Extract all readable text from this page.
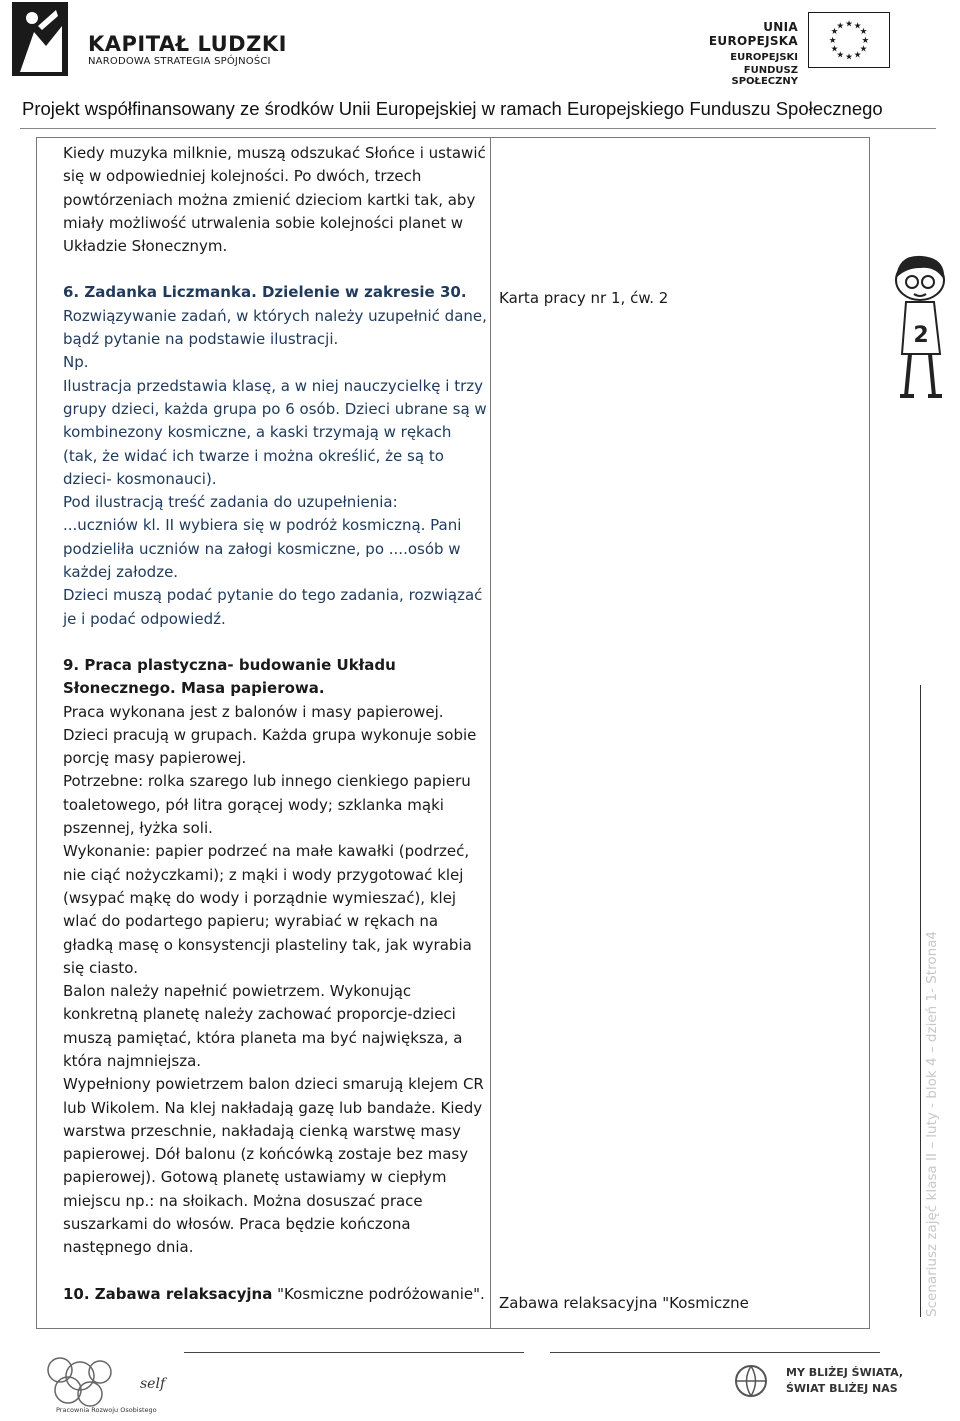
KAPITAŁ LUDZKI
NARODOWA STRATEGIA SPÓJNOŚCI
UNIA EUROPEJSKA
EUROPEJSKI
FUNDUSZ SPOŁECZNY
★ ★
★
★
★
★
★
★
★
★
★
★
Projekt współfinansowany ze środków Unii Europejskiej w ramach Europejskiego Funduszu Społecznego

Kiedy muzyka milknie, muszą odszukać Słońce i ustawić się w odpowiedniej kolejności. Po dwóch, trzech powtórzeniach można zmienić dzieciom kartki tak, aby miały możliwość utrwalenia sobie kolejności planet w Układzie Słonecznym.

6. Zadanka Liczmanka. Dzielenie w zakresie 30.

Rozwiązywanie zadań, w których należy uzupełnić dane, bądź pytanie na podstawie ilustracji.

Np.

Ilustracja przedstawia klasę, a w niej nauczycielkę i trzy grupy dzieci, każda grupa po 6 osób. Dzieci ubrane są w kombinezony kosmiczne, a kaski trzymają w rękach (tak, że widać ich twarze i można określić, że są to dzieci- kosmonauci).

Pod ilustracją treść zadania do uzupełnienia:

...uczniów kl. II wybiera się w podróż kosmiczną. Pani podzieliła uczniów na załogi kosmiczne, po ....osób w każdej załodze.

Dzieci muszą podać pytanie do tego zadania, rozwiązać je i podać odpowiedź.

9. Praca plastyczna- budowanie Układu Słonecznego. Masa papierowa.

Praca wykonana jest z balonów i masy papierowej.

Dzieci pracują w grupach. Każda grupa wykonuje sobie porcję masy papierowej.

Potrzebne: rolka szarego lub innego cienkiego papieru toaletowego, pół litra gorącej wody; szklanka mąki pszennej, łyżka soli.

Wykonanie: papier podrzeć na małe kawałki (podrzeć, nie ciąć nożyczkami); z mąki i wody przygotować klej (wsypać mąkę do wody i porządnie wymieszać), klej wlać do podartego papieru; wyrabiać w rękach na gładką masę o konsystencji plasteliny tak, jak wyrabia się ciasto.

Balon należy napełnić powietrzem. Wykonując konkretną planetę należy zachować proporcje-dzieci muszą pamiętać, która planeta ma być największa, a która najmniejsza.

Wypełniony powietrzem balon dzieci smarują klejem CR lub Wikolem. Na klej nakładają gazę lub bandaże. Kiedy warstwa przeschnie, nakładają cienką warstwę masy papierowej. Dół balonu (z końcówką zostaje bez masy papierowej). Gotową planetę ustawiamy w ciepłym miejscu np.: na słoikach. Można dosuszać prace suszarkami do włosów. Praca będzie kończona następnego dnia.

10. Zabawa relaksacyjna "Kosmiczne podróżowanie".

Karta pracy nr 1, ćw. 2
Zabawa relaksacyjna "Kosmiczne
2
Scenariusz zajęć klasa II – luty - blok 4 – dzień 1- Strona4
self
Pracownia Rozwoju Osobistego
MY BLIŻEJ ŚWIATA,
ŚWIAT BLIŻEJ NAS
